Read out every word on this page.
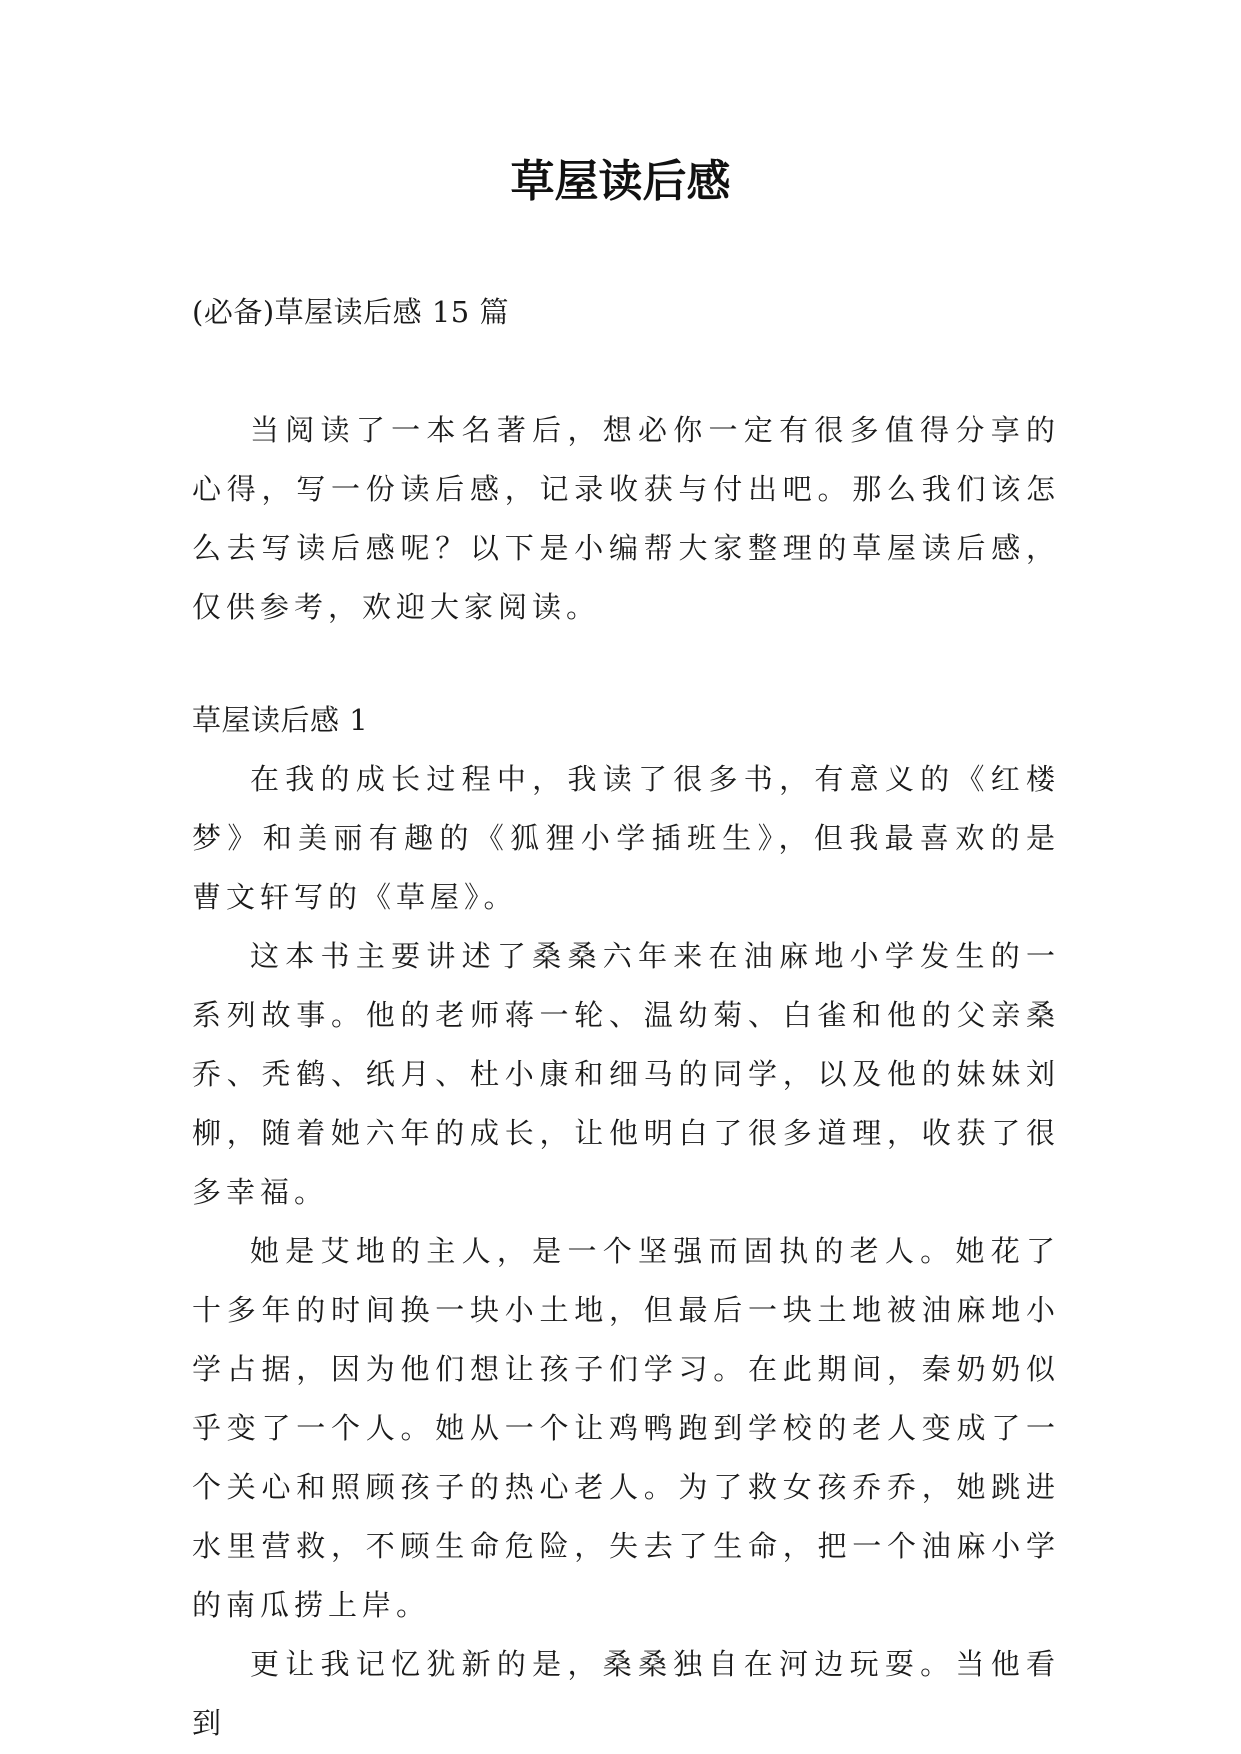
草屋读后感

(必备)草屋读后感 15 篇

当阅读了一本名著后，想必你一定有很多值得分享的心得，写一份读后感，记录收获与付出吧。那么我们该怎么去写读后感呢？以下是小编帮大家整理的草屋读后感，仅供参考，欢迎大家阅读。

草屋读后感 1
在我的成长过程中，我读了很多书，有意义的《红楼梦》和美丽有趣的《狐狸小学插班生》，但我最喜欢的是曹文轩写的《草屋》。
这本书主要讲述了桑桑六年来在油麻地小学发生的一系列故事。他的老师蒋一轮、温幼菊、白雀和他的父亲桑乔、秃鹤、纸月、杜小康和细马的同学，以及他的妹妹刘柳，随着她六年的成长，让他明白了很多道理，收获了很多幸福。
她是艾地的主人，是一个坚强而固执的老人。她花了十多年的时间换一块小土地，但最后一块土地被油麻地小学占据，因为他们想让孩子们学习。在此期间，秦奶奶似乎变了一个人。她从一个让鸡鸭跑到学校的老人变成了一个关心和照顾孩子的热心老人。为了救女孩乔乔，她跳进水里营救，不顾生命危险，失去了生命，把一个油麻小学的南瓜捞上岸。
更让我记忆犹新的是，桑桑独自在河边玩耍。当他看到
